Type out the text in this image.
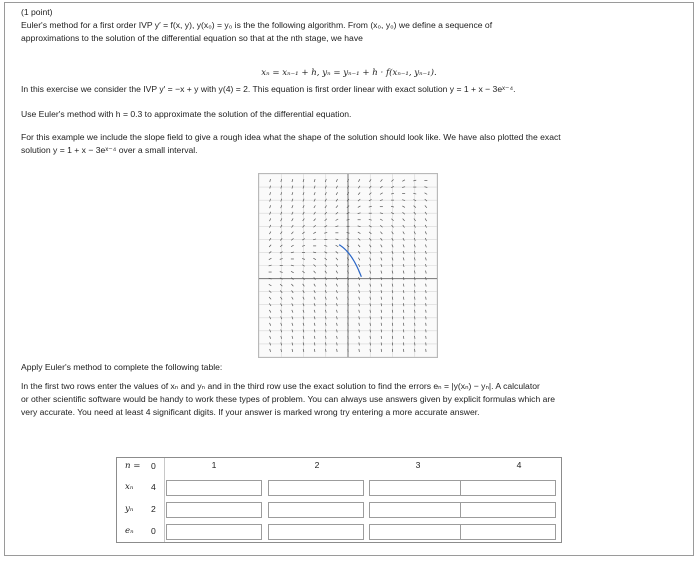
(1 point)

Euler's method for a first order IVP y′ = f(x, y), y(x₀) = y₀ is the the following algorithm. From (x₀, y₀) we define a sequence of

approximations to the solution of the differential equation so that at the nth stage, we have

xₙ = xₙ₋₁ + h, yₙ = yₙ₋₁ + h · f(xₙ₋₁, yₙ₋₁).

In this exercise we consider the IVP y′ = −x + y with y(4) = 2. This equation is first order linear with exact solution y = 1 + x − 3eˣ⁻⁴.

Use Euler's method with h = 0.3 to approximate the solution of the differential equation.

For this example we include the slope field to give a rough idea what the shape of the solution should look like. We have also plotted the exact

solution y = 1 + x − 3eˣ⁻⁴ over a small interval.

Apply Euler's method to complete the following table:

In the first two rows enter the values of xₙ and yₙ and in the third row use the exact solution to find the errors eₙ = |y(xₙ) − yₙ|. A calculator

or other scientific software would be handy to work these types of problem. You can always use answers given by explicit formulas which are

very accurate. You need at least 4 significant digits. If your answer is marked wrong try entering a more accurate answer.

n =	0	1	2	3	4
xₙ	4
yₙ	2
eₙ	0
